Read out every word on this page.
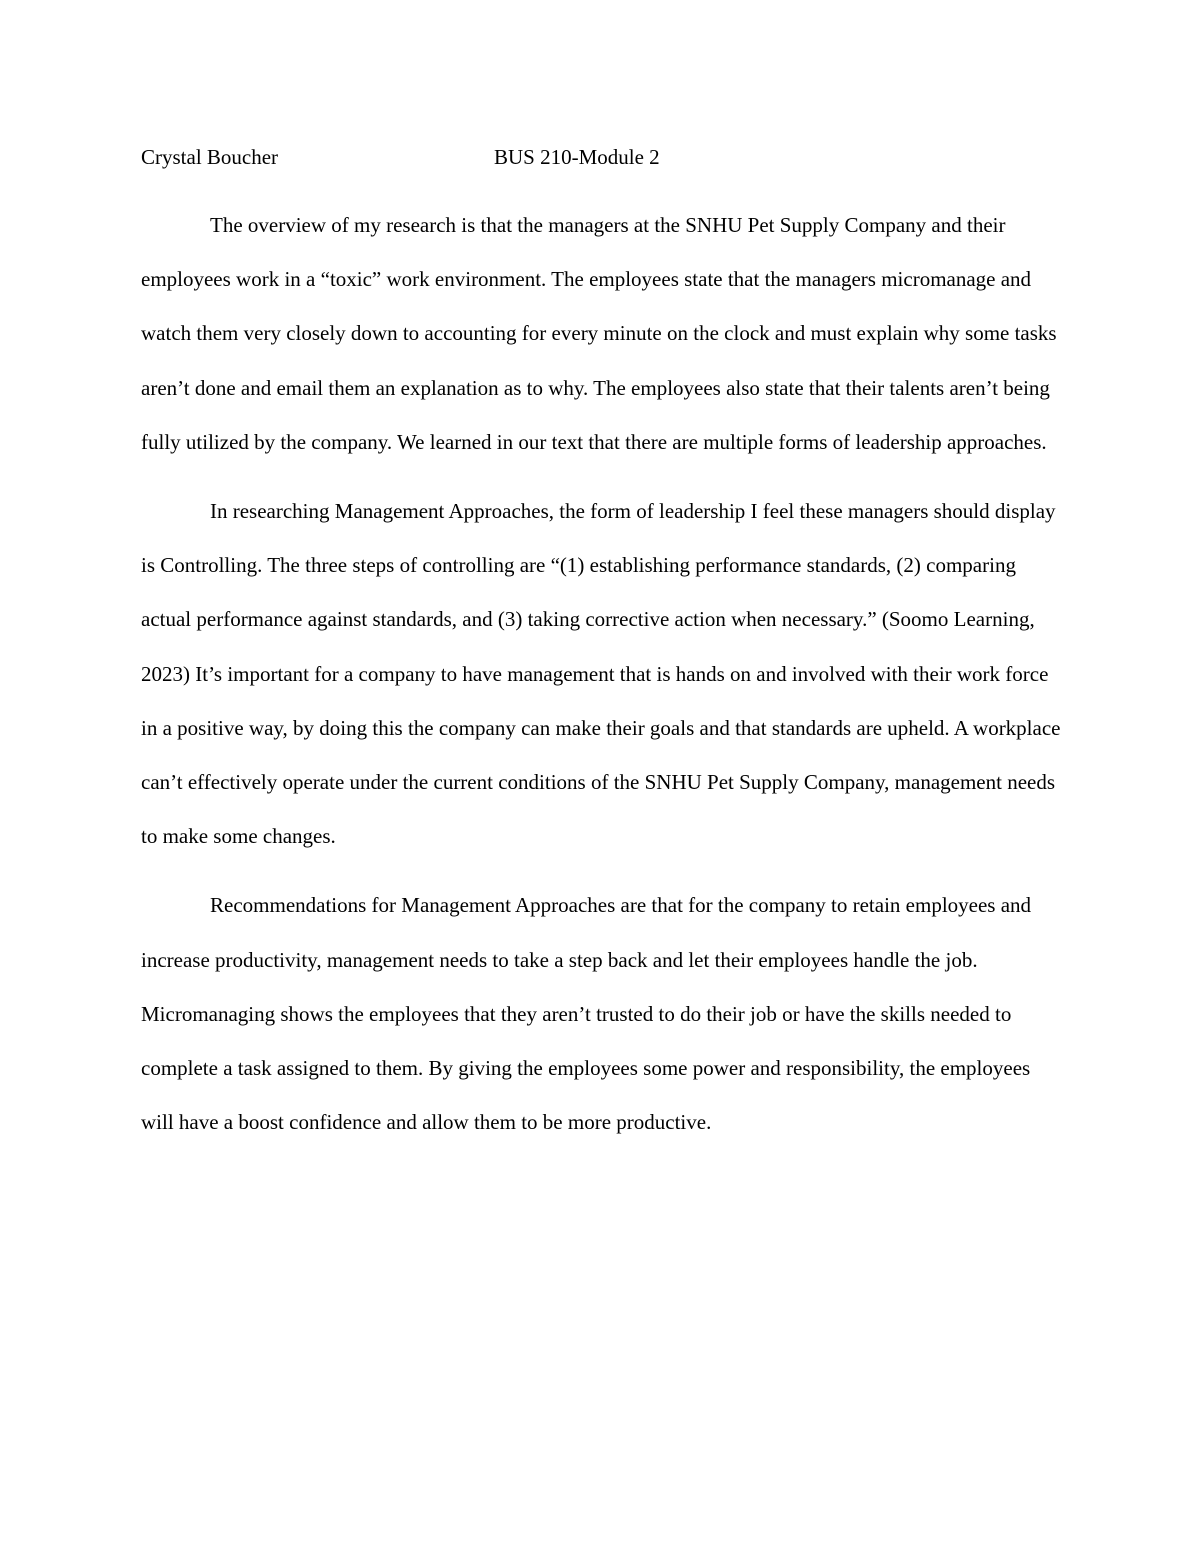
Crystal Boucher	BUS 210-Module 2

The overview of my research is that the managers at the SNHU Pet Supply Company and their employees work in a “toxic” work environment. The employees state that the managers micromanage and watch them very closely down to accounting for every minute on the clock and must explain why some tasks aren’t done and email them an explanation as to why. The employees also state that their talents aren’t being fully utilized by the company. We learned in our text that there are multiple forms of leadership approaches.

In researching Management Approaches, the form of leadership I feel these managers should display is Controlling. The three steps of controlling are “(1) establishing performance standards, (2) comparing actual performance against standards, and (3) taking corrective action when necessary.” (Soomo Learning, 2023) It’s important for a company to have management that is hands on and involved with their work force in a positive way, by doing this the company can make their goals and that standards are upheld. A workplace can’t effectively operate under the current conditions of the SNHU Pet Supply Company, management needs to make some changes.

Recommendations for Management Approaches are that for the company to retain employees and increase productivity, management needs to take a step back and let their employees handle the job. Micromanaging shows the employees that they aren’t trusted to do their job or have the skills needed to complete a task assigned to them. By giving the employees some power and responsibility, the employees will have a boost confidence and allow them to be more productive.
